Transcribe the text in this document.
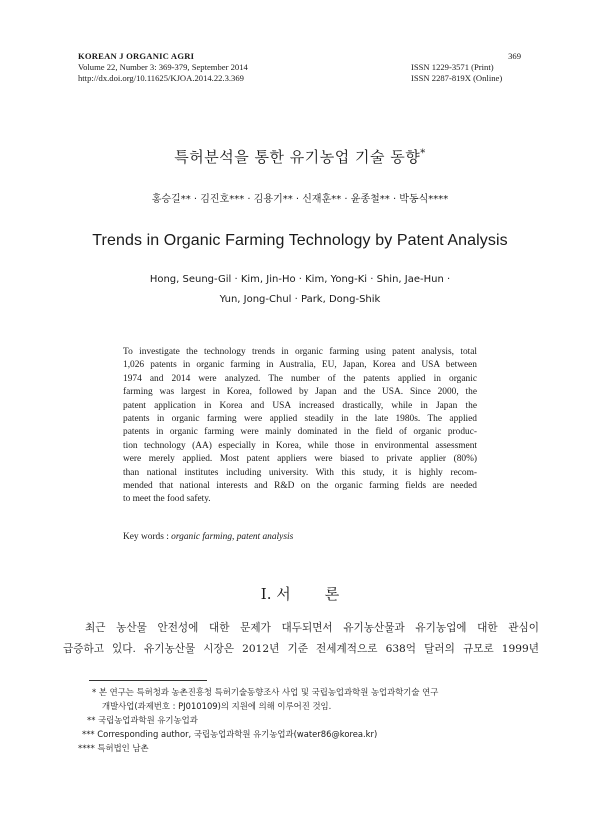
KOREAN J ORGANIC AGRI
Volume 22, Number 3: 369-379, September 2014
http://dx.doi.org/10.11625/KJOA.2014.22.3.369
369
ISSN 1229-3571 (Print)
ISSN 2287-819X (Online)
특허분석을 통한 유기농업 기술 동향*
홍승길** · 김진호*** · 김용기** · 신재훈** · 윤종철** · 박동식****
Trends in Organic Farming Technology by Patent Analysis
Hong, Seung-Gil · Kim, Jin-Ho · Kim, Yong-Ki · Shin, Jae-Hun ·
Yun, Jong-Chul · Park, Dong-Shik
To investigate the technology trends in organic farming using patent analysis, total
1,026 patents in organic farming in Australia, EU, Japan, Korea and USA between
1974 and 2014 were analyzed. The number of the patents applied in organic
farming was largest in Korea, followed by Japan and the USA. Since 2000, the
patent application in Korea and USA increased drastically, while in Japan the
patents in organic farming were applied steadily in the late 1980s. The applied
patents in organic farming were mainly dominated in the field of organic produc-
tion technology (AA) especially in Korea, while those in environmental assessment
were merely applied. Most patent appliers were biased to private applier (80%)
than national institutes including university. With this study, it is highly recom-
mended that national interests and R&D on the organic farming fields are needed
to meet the food safety.
Key words : organic farming, patent analysis
I. 서 론
최근 농산물 안전성에 대한 문제가 대두되면서 유기농산물과 유기농업에 대한 관심이
급증하고 있다. 유기농산물 시장은 2012년 기준 전세계적으로 638억 달러의 규모로 1999년
* 본 연구는 특허청과 농촌진흥청 특허기술동향조사 사업 및 국립농업과학원 농업과학기술 연구
개발사업(과제번호 : PJ010109)의 지원에 의해 이루어진 것임.
** 국립농업과학원 유기농업과
*** Corresponding author, 국립농업과학원 유기농업과(water86@korea.kr)
**** 특허법인 남촌
